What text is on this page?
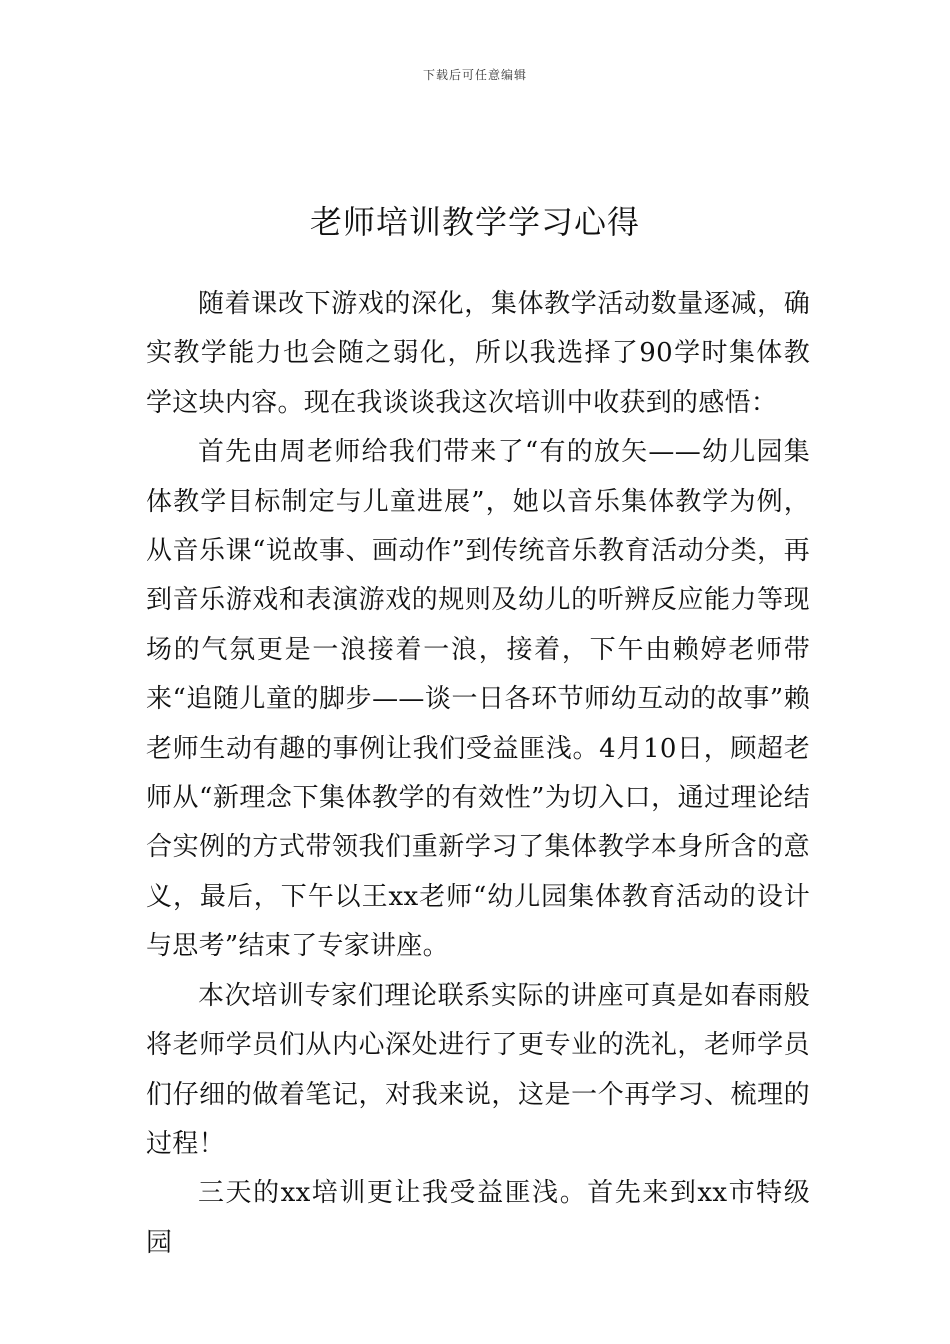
下载后可任意编辑
老师培训教学学习心得

随着课改下游戏的深化，集体教学活动数量逐减，确实教学能力也会随之弱化，所以我选择了90学时集体教学这块内容。现在我谈谈我这次培训中收获到的感悟：

首先由周老师给我们带来了“有的放矢——幼儿园集体教学目标制定与儿童进展”，她以音乐集体教学为例，从音乐课“说故事、画动作”到传统音乐教育活动分类，再到音乐游戏和表演游戏的规则及幼儿的听辨反应能力等现场的气氛更是一浪接着一浪，接着，下午由赖婷老师带来“追随儿童的脚步——谈一日各环节师幼互动的故事”赖老师生动有趣的事例让我们受益匪浅。4月10日，顾超老师从“新理念下集体教学的有效性”为切入口，通过理论结合实例的方式带领我们重新学习了集体教学本身所含的意义，最后，下午以王xx老师“幼儿园集体教育活动的设计与思考”结束了专家讲座。

本次培训专家们理论联系实际的讲座可真是如春雨般将老师学员们从内心深处进行了更专业的洗礼，老师学员们仔细的做着笔记，对我来说，这是一个再学习、梳理的过程！

三天的xx培训更让我受益匪浅。首先来到xx市特级园
